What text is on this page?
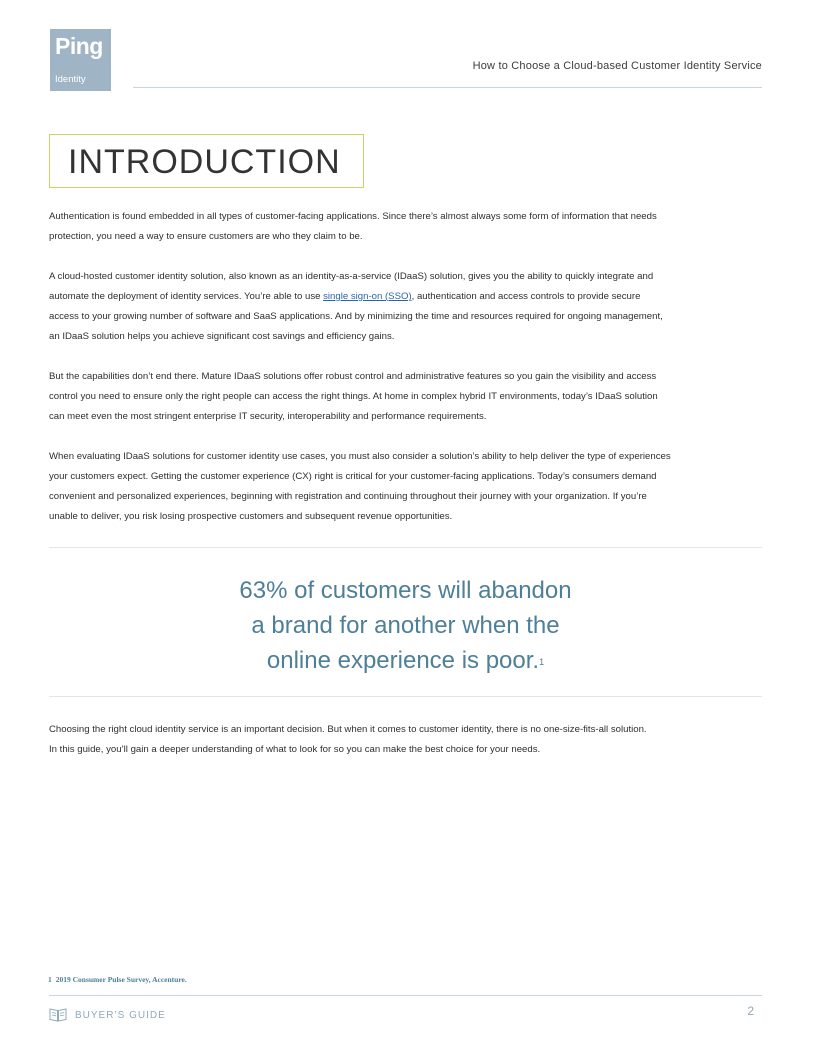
Ping
Identity
How to Choose a Cloud-based Customer Identity Service
INTRODUCTION
Authentication is found embedded in all types of customer-facing applications. Since there’s almost always some form of information that needs
protection, you need a way to ensure customers are who they claim to be.
A cloud-hosted customer identity solution, also known as an identity-as-a-service (IDaaS) solution, gives you the ability to quickly integrate and
automate the deployment of identity services. You’re able to use single sign-on (SSO), authentication and access controls to provide secure
access to your growing number of software and SaaS applications. And by minimizing the time and resources required for ongoing management,
an IDaaS solution helps you achieve significant cost savings and efficiency gains.
But the capabilities don’t end there. Mature IDaaS solutions offer robust control and administrative features so you gain the visibility and access
control you need to ensure only the right people can access the right things. At home in complex hybrid IT environments, today’s IDaaS solution
can meet even the most stringent enterprise IT security, interoperability and performance requirements.
When evaluating IDaaS solutions for customer identity use cases, you must also consider a solution’s ability to help deliver the type of experiences
your customers expect. Getting the customer experience (CX) right is critical for your customer-facing applications. Today’s consumers demand
convenient and personalized experiences, beginning with registration and continuing throughout their journey with your organization. If you’re
unable to deliver, you risk losing prospective customers and subsequent revenue opportunities.
63% of customers will abandon
a brand for another when the
online experience is poor.$^1$
Choosing the right cloud identity service is an important decision. But when it comes to customer identity, there is no one-size-fits-all solution.
In this guide, you’ll gain a deeper understanding of what to look for so you can make the best choice for your needs.
1 2019 Consumer Pulse Survey, Accenture.
BUYER’S GUIDE	2
